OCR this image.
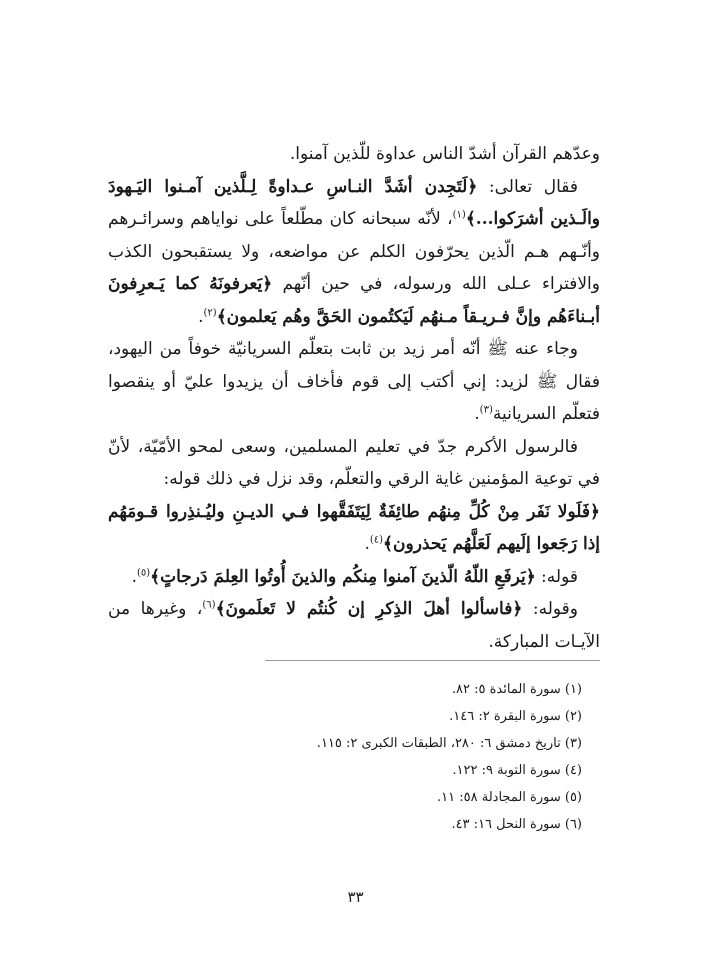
وعدّهم القرآن أشدّ الناس عداوة للّذين آمنوا.

فقال تعالى: ﴿لَتَجِدن أشَدَّ النـاسِ عـداوةً لِـلَّذين آمـنوا اليَـهودَ والَـذين أشرَكوا...﴾$^{(١)}$، لأنّه سبحانه كان مطّلعاً على نواياهم وسرائـرهم وأنّـهم هـم الّذين يحرّفون الكلم عن مواضعه، ولا يستقبحون الكذب والافتراء عـلى الله ورسوله، في حين أنّهم ﴿يَعرفونَهُ كما يَـعرِفونَ أبـناءَهُم وإنَّ فـريـقاً مـنهُم لَيَكتُمون الحَقَّ وهُم يَعلمون﴾$^{(٢)}$.

وجاء عنه ﷺ أنّه أمر زيد بن ثابت بتعلّم السريانيّة خوفاً من اليهود، فقال ﷺ لزيد: إني أكتب إلى قوم فأخاف أن يزيدوا عليّ أو ينقصوا فتعلّم السريانية$^{(٣)}$.

فالرسول الأكرم جدّ في تعليم المسلمين، وسعى لمحو الأمّيّة، لأنّ في توعية المؤمنين غاية الرقي والتعلّم، وقد نزل في ذلك قوله:

﴿فَلَولا نَفَر مِنْ كُلِّ مِنهُم طائِفَةٌ لِيَتَفَقَّهوا فـي الديـنِ وليُـنذِروا قـومَهُم إذا رَجَعوا إلَيهم لَعَلَّهُم يَحذرون﴾$^{(٤)}$.

قوله: ﴿يَرفَعِ اللّهُ الّذينَ آمنوا مِنكُم والذينَ أُوتُوا العِلمَ دَرجاتٍ﴾$^{(٥)}$.

وقوله: ﴿فاسألوا أهلَ الذِكرِ إن كُنتُم لا تَعلَمونَ﴾$^{(٦)}$، وغيرها من الآيـات المباركة.

(١) سورة المائدة ٥: ٨٢.
(٢) سورة البقرة ٢: ١٤٦.
(٣) تاريخ دمشق ٦: ٢٨٠، الطبقات الكبرى ٢: ١١٥.
(٤) سورة التوبة ٩: ١٢٢.
(٥) سورة المجادلة ٥٨: ١١.
(٦) سورة النحل ١٦: ٤٣.
٣٣
